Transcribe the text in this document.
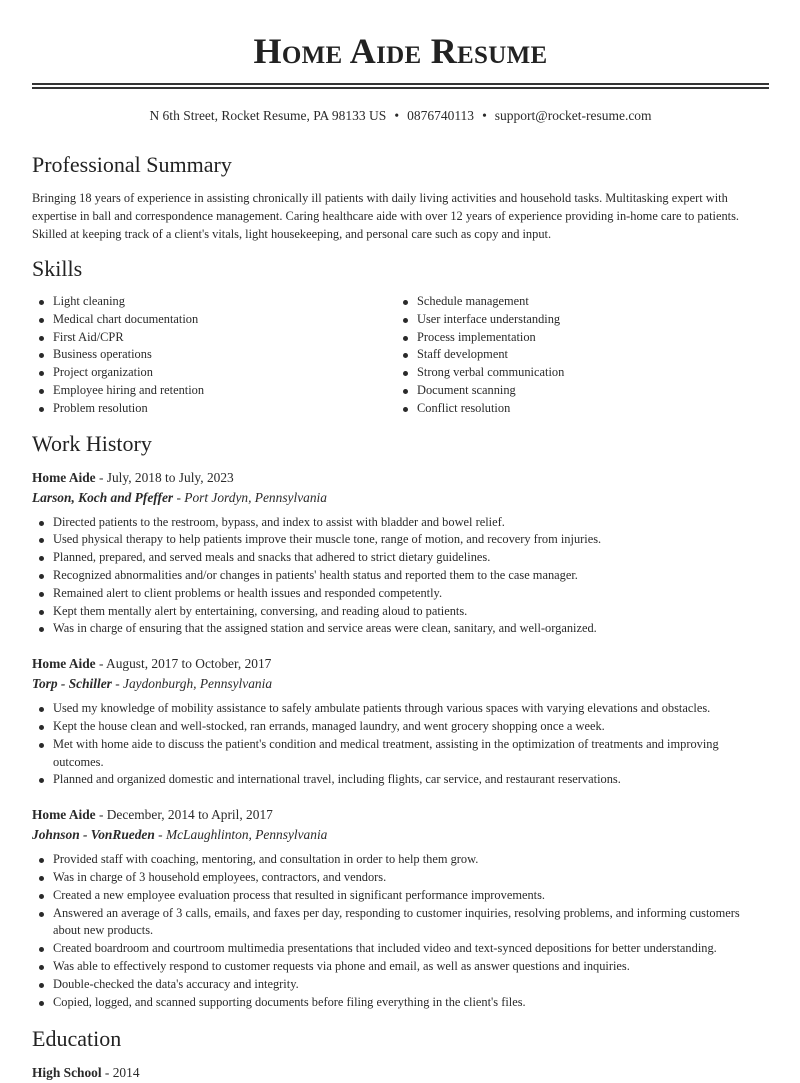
Home Aide Resume
N 6th Street, Rocket Resume, PA 98133 US • 0876740113 • support@rocket-resume.com
Professional Summary

Bringing 18 years of experience in assisting chronically ill patients with daily living activities and household tasks. Multitasking expert with expertise in ball and correspondence management. Caring healthcare aide with over 12 years of experience providing in-home care to patients. Skilled at keeping track of a client's vitals, light housekeeping, and personal care such as copy and input.

Skills
Light cleaning
Medical chart documentation
First Aid/CPR
Business operations
Project organization
Employee hiring and retention
Problem resolution
Schedule management
User interface understanding
Process implementation
Staff development
Strong verbal communication
Document scanning
Conflict resolution
Work History
Home Aide - July, 2018 to July, 2023
Larson, Koch and Pfeffer - Port Jordyn, Pennsylvania
Directed patients to the restroom, bypass, and index to assist with bladder and bowel relief.
Used physical therapy to help patients improve their muscle tone, range of motion, and recovery from injuries.
Planned, prepared, and served meals and snacks that adhered to strict dietary guidelines.
Recognized abnormalities and/or changes in patients' health status and reported them to the case manager.
Remained alert to client problems or health issues and responded competently.
Kept them mentally alert by entertaining, conversing, and reading aloud to patients.
Was in charge of ensuring that the assigned station and service areas were clean, sanitary, and well-organized.
Home Aide - August, 2017 to October, 2017
Torp - Schiller - Jaydonburgh, Pennsylvania
Used my knowledge of mobility assistance to safely ambulate patients through various spaces with varying elevations and obstacles.
Kept the house clean and well-stocked, ran errands, managed laundry, and went grocery shopping once a week.
Met with home aide to discuss the patient's condition and medical treatment, assisting in the optimization of treatments and improving outcomes.
Planned and organized domestic and international travel, including flights, car service, and restaurant reservations.
Home Aide - December, 2014 to April, 2017
Johnson - VonRueden - McLaughlinton, Pennsylvania
Provided staff with coaching, mentoring, and consultation in order to help them grow.
Was in charge of 3 household employees, contractors, and vendors.
Created a new employee evaluation process that resulted in significant performance improvements.
Answered an average of 3 calls, emails, and faxes per day, responding to customer inquiries, resolving problems, and informing customers about new products.
Created boardroom and courtroom multimedia presentations that included video and text-synced depositions for better understanding.
Was able to effectively respond to customer requests via phone and email, as well as answer questions and inquiries.
Double-checked the data's accuracy and integrity.
Copied, logged, and scanned supporting documents before filing everything in the client's files.
Education
High School - 2014
